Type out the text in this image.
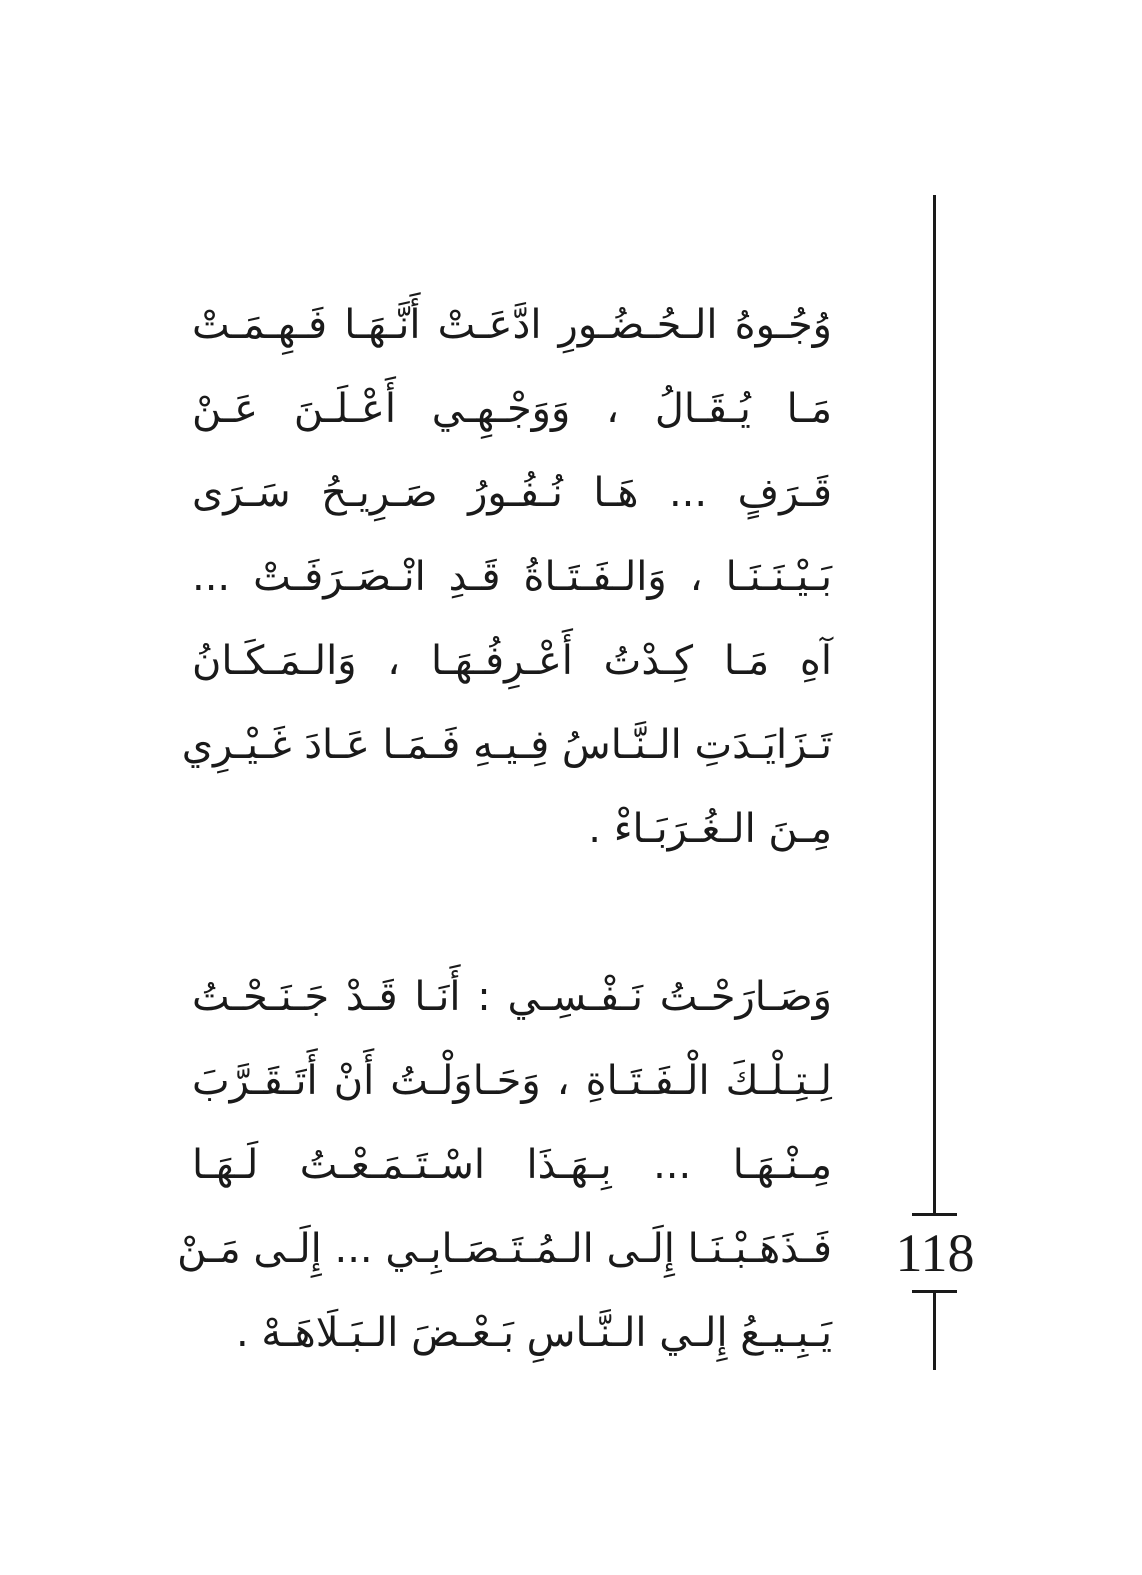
وُجُـوهُ الـحُـضُـورِ ادَّعَـتْ أَنَّـهَـا فَـهِـمَـتْ
مَـا يُـقَـالُ ، وَوَجْـهِـي أَعْـلَـنَ عَـنْ
قَـرَفٍ ... هَـا نُـفُـورُ صَـرِيـحُ سَـرَى
بَـيْـنَـنَـا ، وَالـفَـتَـاةُ قَـدِ انْـصَـرَفَـتْ ...
آهِ مَـا كِـدْتُ أَعْـرِفُـهَـا ، وَالـمَـكَـانُ
تَـزَايَـدَتِ الـنَّـاسُ فِـيـهِ فَـمَـا عَـادَ غَـيْـرِي
مِـنَ الـغُـرَبَـاءْ .
وَصَـارَحْـتُ نَـفْـسِـي : أَنَـا قَـدْ جَـنَـحْـتُ
لِـتِـلْـكَ الْـفَـتَـاةِ ، وَحَـاوَلْـتُ أَنْ أَتَـقَـرَّبَ
مِـنْـهَـا ... بِـهَـذَا اسْـتَـمَـعْـتُ لَـهَـا
فَـذَهَـبْـنَـا إِلَـى الـمُـتَـصَـابِـي ... إِلَـى مَـنْ
يَـبِـيـعُ إِلـي الـنَّـاسِ بَـعْـضَ الـبَـلَاهَـهْ .
118
